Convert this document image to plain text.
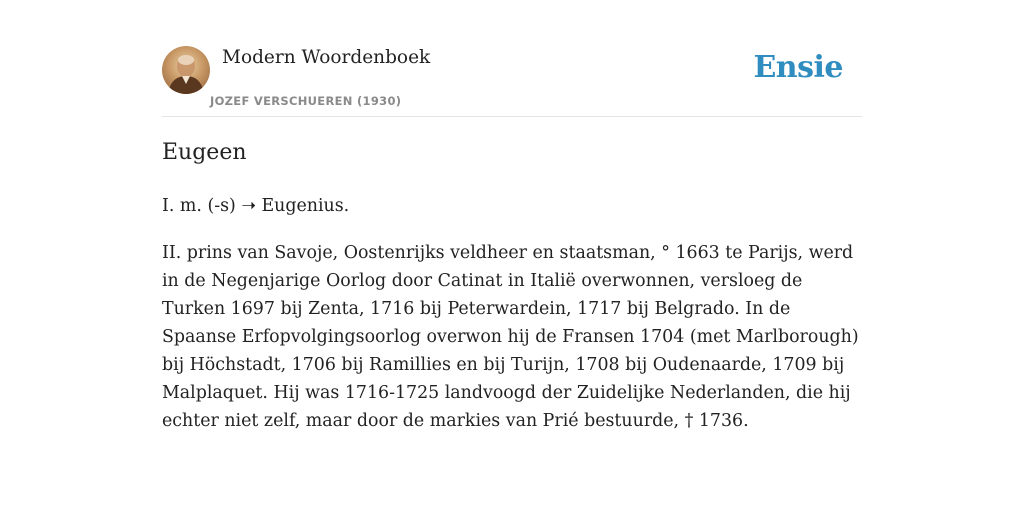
Modern Woordenboek
JOZEF VERSCHUEREN (1930)
Ensie
Eugeen

I. m. (-s) ➝ Eugenius.

II. prins van Savoje, Oostenrijks veldheer en staatsman, ° 1663 te Parijs, werd in de Negenjarige Oorlog door Catinat in Italië overwonnen, versloeg de Turken 1697 bij Zenta, 1716 bij Peterwardein, 1717 bij Belgrado. In de Spaanse Erfopvolgingsoorlog overwon hij de Fransen 1704 (met Marlborough) bij Höchstadt, 1706 bij Ramillies en bij Turijn, 1708 bij Oudenaarde, 1709 bij Malplaquet. Hij was 1716-1725 landvoogd der Zuidelijke Nederlanden, die hij echter niet zelf, maar door de markies van Prié bestuurde, † 1736.
